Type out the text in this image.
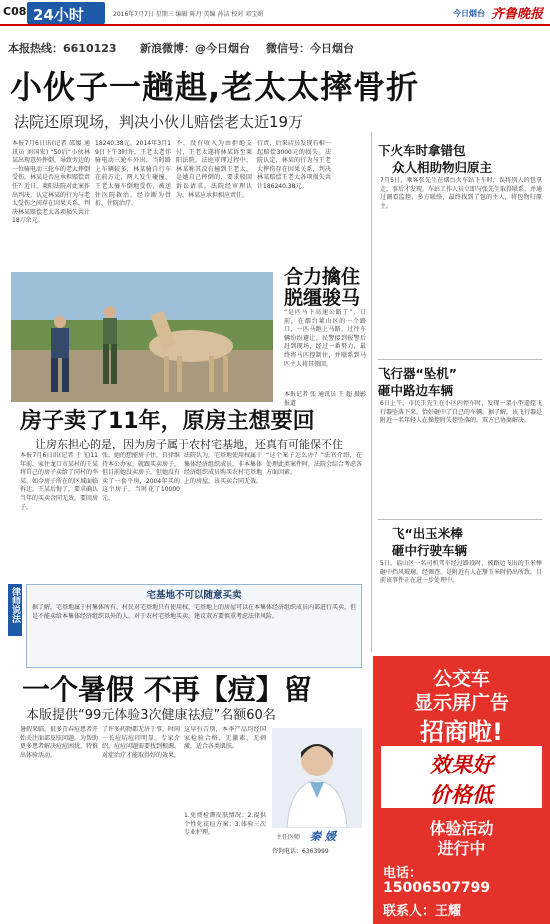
C08 24小时	2016年7月7日 星期三 编辑 陈丹 美编 孙洁 校对 邓宝娟	今日烟台 齐鲁晚报
本报热线：6610123 新浪微博：@今日烟台 微信号：今日烟台
小伙子一趟趄,老太太摔骨折
法院还原现场，判决小伙儿赔偿老太近19万
本报7月6日讯(记者 邵媛 通讯员 刘国宏) “50后”小伙林某出现意外摔倒，导致旁边的一位骑电动三轮车的老太摔倒受伤，林某是否应承担赔偿责任？近日，莱阳法院对此案作出判决，认定林某的行为与老太受伤之间存在因果关系，判决林某赔偿老太各项损失共计18万余元。
18240.38元。2014年3月19日下午3时许，王老太老伴骑电动三轮车外出，当时路上车辆较多，林某骑自行车在前方走，两人发生碰撞，王老太骑车倒地受伤，被送往医院救治，经诊断为骨折，住院治疗。
不，没有收入为由拒绝支付，王老太遂将林某诉至莱阳法院。法庭审理过程中，林某称其没有撞到王老太，是她自己摔倒的，要求驳回诉讼请求。法院经审理认为，林某应承担相应责任。
行责，后来店员发现有相一起赔偿3000元的损失。法院认定，林某的行为与王老太摔伤存在因果关系，判决林某赔偿王老太各项损失共计186240.38元。
合力擒住
脱缰骏马
“是匹马下高速公路了”，日前，在烟台莱山区的一个路口，一匹马跑上马路，过往车辆纷纷避让。民警接到报警后赶到现场，经过一番努力，最终将马匹控制住，并联系到马匹主人将其领回。
本报记者 张 通讯员 王 超 摄影报道
房子卖了11年，原房主想要回
让房东担心的是，因为房子属于农村宅基地，还真有可能保不住
本报7月6日讯(记者 于飞)11年前，家住龙口市某村的王某将自己的房子卖给了同村的李某。如今房子所在的区域面临拆迁，王某后悔了，要求确认当年的买卖合同无效，要回房子。
张，她的想能房子住，自律维持本公办家，就跟买卖房子，但目前她没卖房子，但她没有卖了一套平房，2004年买的这个房子，当时花了10000元。
法院认为，宅基地使用权属于集体经济组织成员，非本集体经济组织成员购买农村宅基地上的房屋，该买卖合同无效。
“这个案子怎么办？”法官介绍，在处理此类案件时，法院会综合考虑各方面因素。
律师说法	宅基地不可以随意买卖
据了解，宅基地属于村集体所有，村民对宅基地只有使用权，宅基地上的房屋可以在本集体经济组织成员内部进行买卖，但是不能卖给本集体经济组织以外的人。对于农村宅基地买卖，建议双方要慎重考虑法律风险。
一个暑假 不再【痘】留
本版提供“99元体验3次健康祛痘”名额60名
暑假来临，很多青春痘患者开始关注面部皮肤问题。为帮助更多患者解决痘痘困扰，特推出体验活动。
了许多药物都无济于事，时间一长痘坑痘印明显。专家介绍，痘痘问题需要找到根源，对症治疗才能取得好的效果。
这早有告别，本季产品均经国家检验合格，无激素，无刺激，适合各类肌肤。
1.免费检测皮肤情况；2.提供个性化祛痘方案；3.体验三次专业护理。
主任医师 秦 媛
咨询电话：6363999
下火车时拿错包
众人相助物归原主
7月5日，乘客张先生在烟台火车站下车时，误将别人的包拿走，事后才发现。车站工作人员立即与张先生取得联系，并通过调看监控、多方联络，最终找到了包的主人，将包物归原主。
飞行器“坠机”
砸中路边车辆
6日上午，市民王先生在小区内停车时，发现一架小型遥控飞行器坠落下来，恰好砸中了自己的车辆。据了解，该飞行器是附近一名年轻人在操控时失控坠落的，双方已协商解决。
飞“出玉米棒
砸中行驶车辆
5日，福山区一名司机驾车经过路段时，被路边飞出的玉米棒砸中挡风玻璃。经调查，是附近有人在掰玉米时扔出所致。目前该事件正在进一步处理中。
公交车
显示屏广告
招商啦!
效果好
价格低
体验活动
进行中
电话：
15006507799
联系人：王耀
